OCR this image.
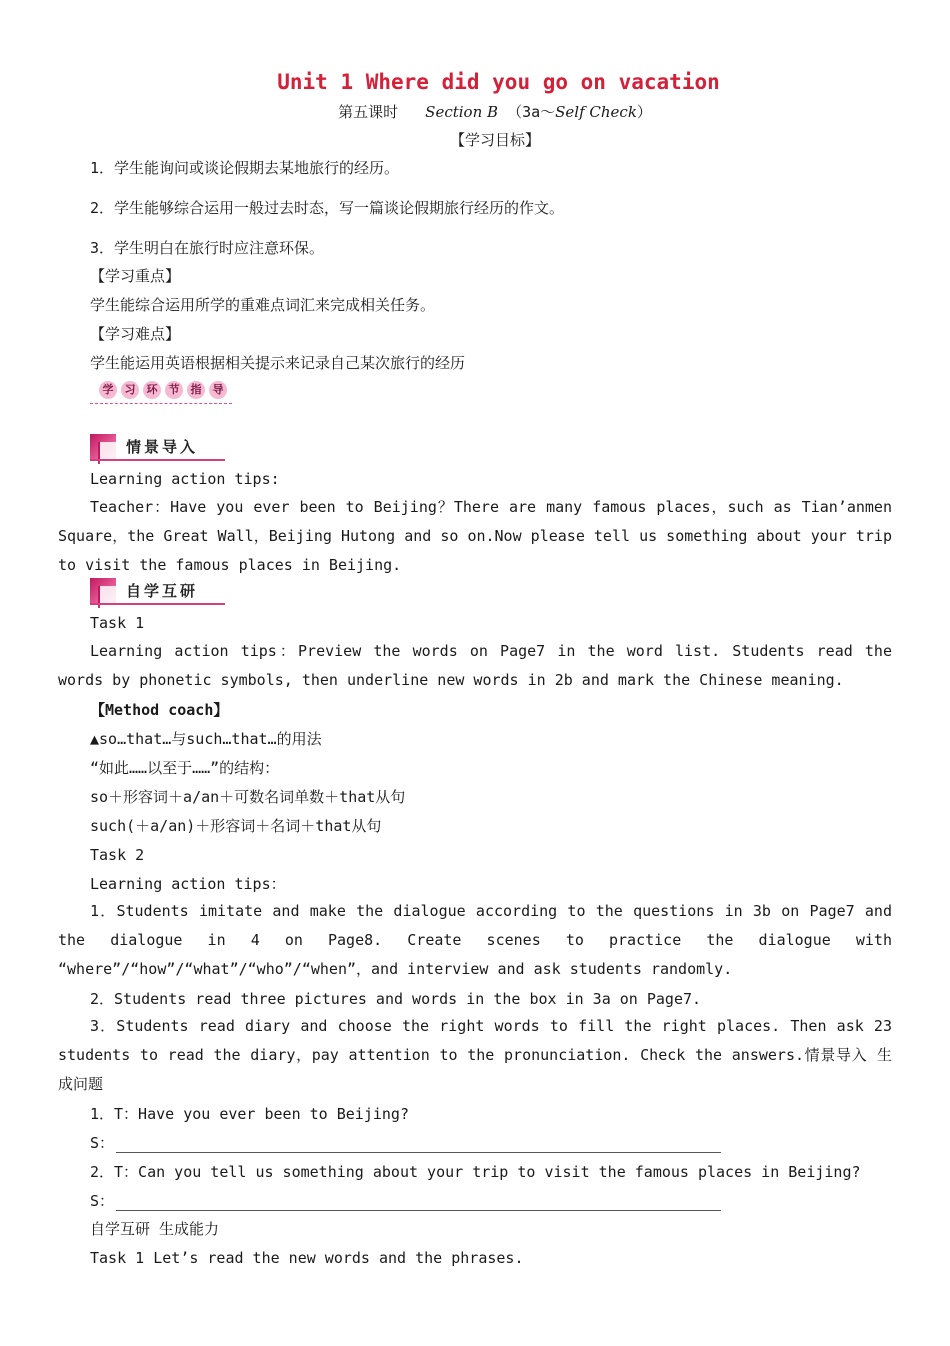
Unit 1 Where did you go on vacation
第五课时 Section B （3a～Self Check）
【学习目标】
1．学生能询问或谈论假期去某地旅行的经历。
2．学生能够综合运用一般过去时态，写一篇谈论假期旅行经历的作文。
3．学生明白在旅行时应注意环保。
【学习重点】
学生能综合运用所学的重难点词汇来完成相关任务。
【学习难点】
学生能运用英语根据相关提示来记录自己某次旅行的经历
学	习	环	节	指	导
情景导入
Learning action tips:
Teacher：Have you ever been to Beijing？There are many famous places，such as Tian’anmen Square，the Great Wall，Beijing Hutong and so on.Now please tell us something about your trip to visit the famous places in Beijing.
自学互研
Task 1
Learning action tips：Preview the words on Page7 in the word list. Students read the words by phonetic symbols, then underline new words in 2b and mark the Chinese meaning.
【Method coach】
▲so…that…与such…that…的用法
“如此……以至于……”的结构：
so＋形容词＋a/an＋可数名词单数＋that从句
such(＋a/an)＋形容词＋名词＋that从句
Task 2
Learning action tips：
1．Students imitate and make the dialogue according to the questions in 3b on Page7 and the dialogue in 4 on Page8. Create scenes to practice the dialogue with “where”/“how”/“what”/“who”/“when”，and interview and ask students randomly.
2．Students read three pictures and words in the box in 3a on Page7.
3．Students read diary and choose the right words to fill the right places. Then ask 23 students to read the diary，pay attention to the pronunciation. Check the answers.情景导入 生成问题
1．T：Have you ever been to Beijing?
S：
2．T：Can you tell us something about your trip to visit the famous places in Beijing?
S：
自学互研 生成能力
Task 1 Let’s read the new words and the phrases.
